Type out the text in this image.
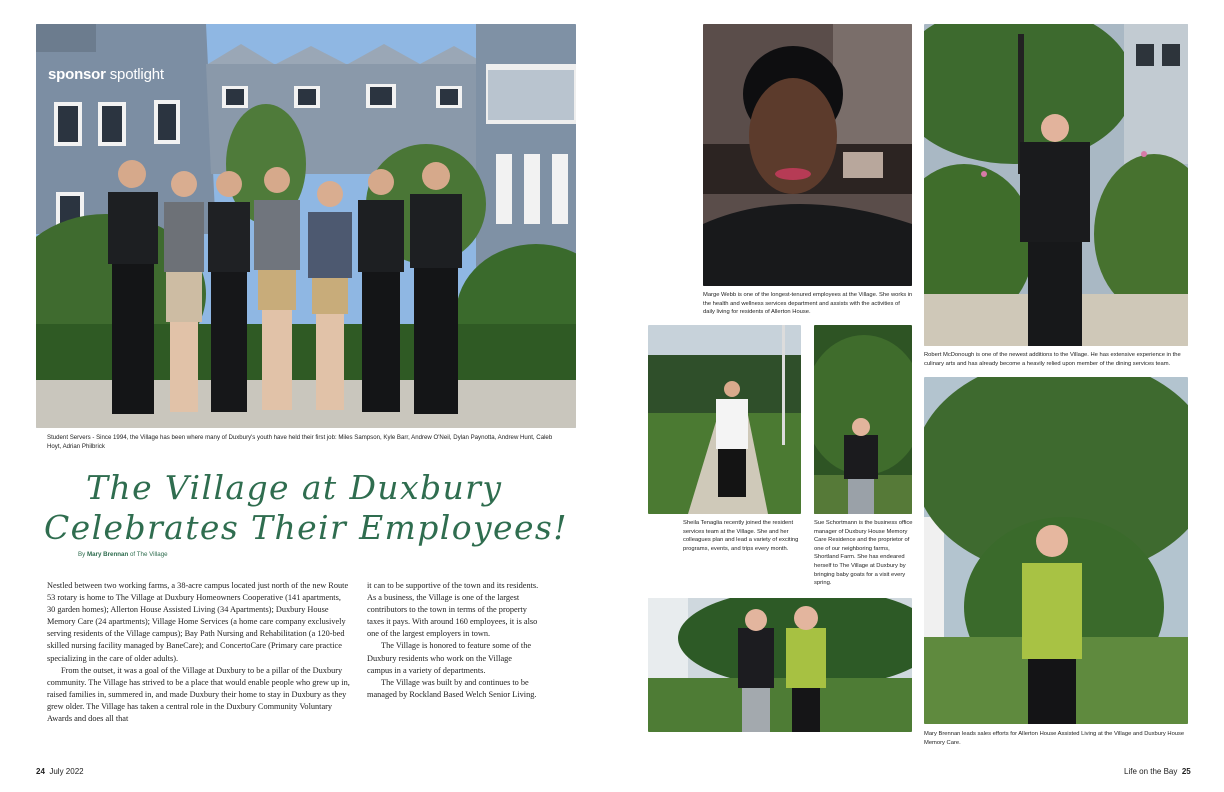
sponsor spotlight
Student Servers - Since 1994, the Village has been where many of Duxbury's youth have held their first job: Miles Sampson, Kyle Barr, Andrew O'Neil, Dylan Paynotta, Andrew Hunt, Caleb Hoyt, Adrian Philbrick
The Village at Duxbury
Celebrates Their Employees!
By Mary Brennan of The Village

Nestled between two working farms, a 38-acre campus located just north of the new Route 53 rotary is home to The Village at Duxbury Homeowners Cooperative (141 apartments, 30 garden homes); Allerton House Assisted Living (34 Apartments); Duxbury House Memory Care (24 apartments); Village Home Services (a home care company exclusively serving residents of the Village campus); Bay Path Nursing and Rehabilitation (a 120-bed skilled nursing facility managed by BaneCare); and ConcertoCare (Primary care practice specializing in the care of older adults).

From the outset, it was a goal of the Village at Duxbury to be a pillar of the Duxbury community. The Village has strived to be a place that would enable people who grew up in, raised families in, summered in, and made Duxbury their home to stay in Duxbury as they grew older. The Village has taken a central role in the Duxbury Community Voluntary Awards and does all that

it can to be supportive of the town and its residents. As a business, the Village is one of the largest contributors to the town in terms of the property taxes it pays. With around 160 employees, it is also one of the largest employers in town.

The Village is honored to feature some of the Duxbury residents who work on the Village campus in a variety of departments.

The Village was built by and continues to be managed by Rockland Based Welch Senior Living.

24 July 2022
Marge Webb is one of the longest-tenured employees at the Village. She works in the health and wellness services department and assists with the activities of daily living for residents of Allerton House.
Robert McDonough is one of the newest additions to the Village. He has extensive experience in the culinary arts and has already become a heavily relied upon member of the dining services team.
Sheila Tenaglia recently joined the resident services team at the Village. She and her colleagues plan and lead a variety of exciting programs, events, and trips every month.
Sue Schortmann is the business office manager of Duxbury House Memory Care Residence and the proprietor of one of our neighboring farms, Shortland Farm. She has endeared herself to The Village at Duxbury by bringing baby goats for a visit every spring.
Mary Brennan leads sales efforts for Allerton House Assisted Living at the Village and Duxbury House Memory Care.
Life on the Bay 25
